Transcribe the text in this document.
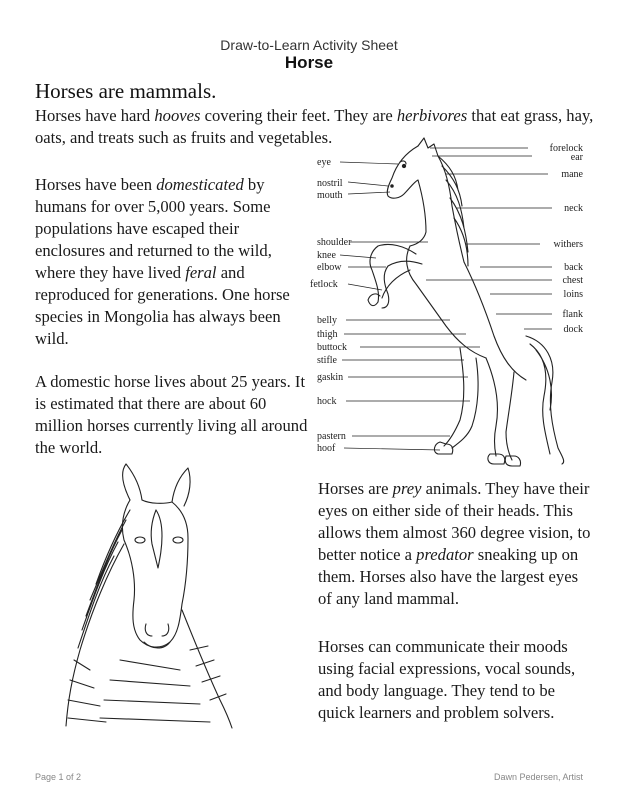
Draw-to-Learn Activity Sheet
Horse
Horses are mammals.
Horses have hard hooves covering their feet. They are herbivores that eat grass, hay, oats, and treats such as fruits and vegetables.
Horses have been domesticated by humans for over 5,000 years. Some populations have escaped their enclosures and returned to the wild, where they have lived feral and reproduced for generations. One horse species in Mongolia has always been wild.
A domestic horse lives about 25 years. It is estimated that there are about 60 million horses currently living all around the world.
Horses are prey animals. They have their eyes on either side of their heads. This allows them almost 360 degree vision, to better notice a predator sneaking up on them. Horses also have the largest eyes of any land mammal.
Horses can communicate their moods using facial expressions, vocal sounds, and body language. They tend to be quick learners and problem solvers.
eye
nostril
mouth
shoulder
knee
elbow
fetlock
belly
thigh
buttock
stifle
gaskin
hock
pastern
hoof
forelock
ear
mane
neck
withers
back
chest
loins
flank
dock
Page 1 of 2	Dawn Pedersen, Artist
